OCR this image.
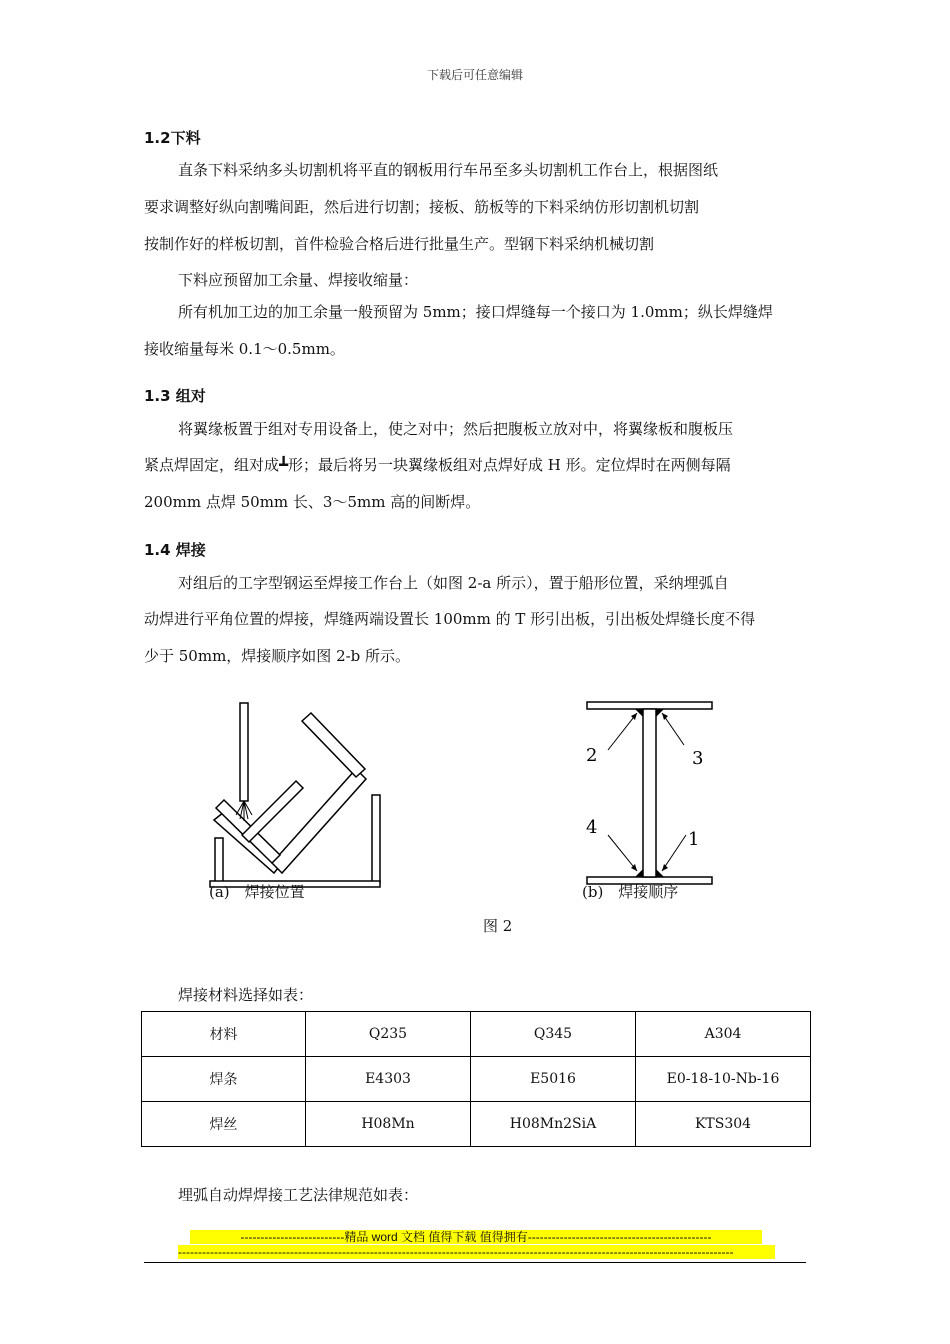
下载后可任意编辑
1.2下料
直条下料采纳多头切割机将平直的钢板用行车吊至多头切割机工作台上，根据图纸
要求调整好纵向割嘴间距，然后进行切割；接板、筋板等的下料采纳仿形切割机切割
按制作好的样板切割，首件检验合格后进行批量生产。型钢下料采纳机械切割
下料应预留加工余量、焊接收缩量：
所有机加工边的加工余量一般预留为 5mm；接口焊缝每一个接口为 1.0mm；纵长焊缝焊
接收缩量每米 0.1～0.5mm。
1.3 组对
将翼缘板置于组对专用设备上，使之对中；然后把腹板立放对中，将翼缘板和腹板压
紧点焊固定，组对成┻形；最后将另一块翼缘板组对点焊好成 H 形。定位焊时在两侧每隔
200mm 点焊 50mm 长、3～5mm 高的间断焊。
1.4 焊接
对组后的工字型钢运至焊接工作台上（如图 2-a 所示），置于船形位置，采纳埋弧自
动焊进行平角位置的焊接，焊缝两端设置长 100mm 的 T 形引出板，引出板处焊缝长度不得
少于 50mm，焊接顺序如图 2-b 所示。
(a)　焊接位置
2	3
4
1
(b)　焊接顺序
图 2
焊接材料选择如表：
材料	Q235	Q345	A304
焊条	E4303	E5016	E0-18-10-Nb-16
焊丝	H08Mn	H08Mn2SiA	KTS304
埋弧自动焊焊接工艺法律规范如表：
--------------------------精品 word 文档 值得下载 值得拥有----------------------------------------------
-------------------------------------------------------------------------------------------------------------------------------------------
